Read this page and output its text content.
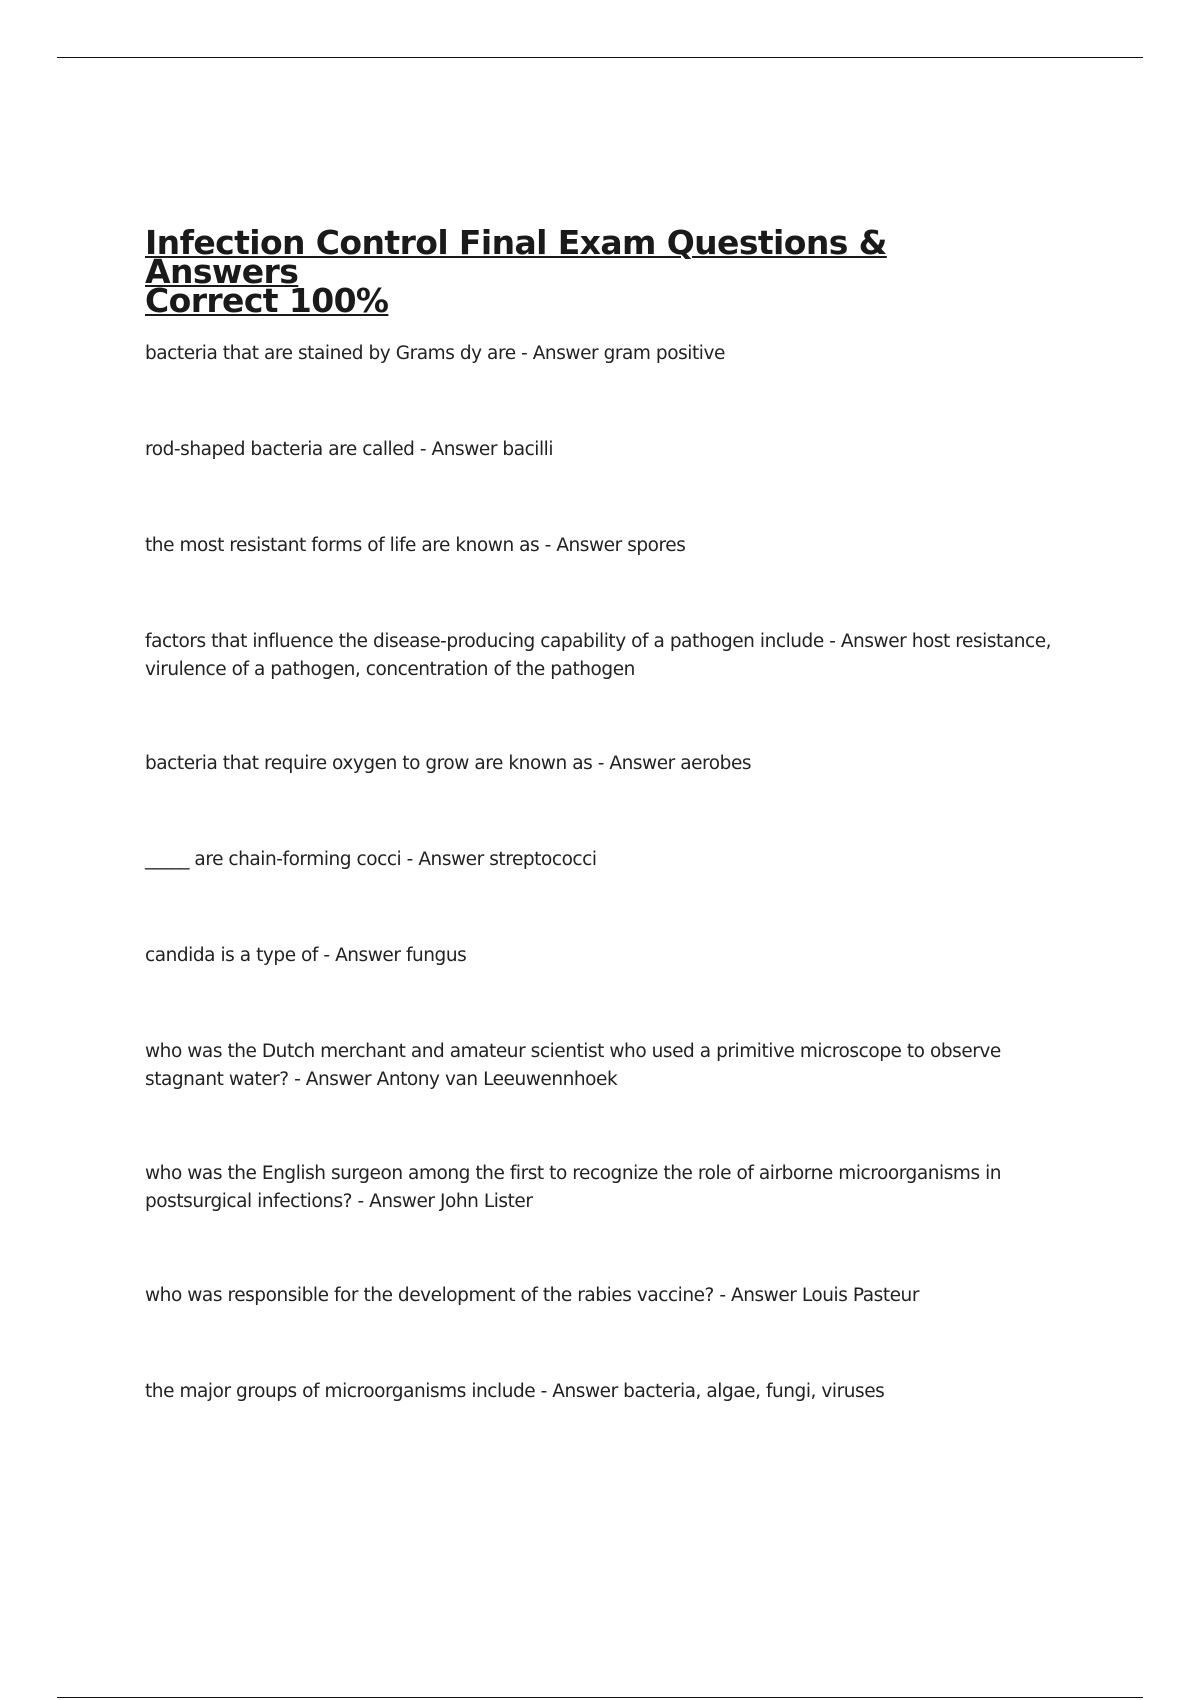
Infection Control Final Exam Questions & Answers
Correct 100%

bacteria that are stained by Grams dy are - Answer gram positive

rod-shaped bacteria are called - Answer bacilli

the most resistant forms of life are known as - Answer spores

factors that influence the disease-producing capability of a pathogen include - Answer host resistance, virulence of a pathogen, concentration of the pathogen

bacteria that require oxygen to grow are known as - Answer aerobes

_____ are chain-forming cocci - Answer streptococci

candida is a type of - Answer fungus

who was the Dutch merchant and amateur scientist who used a primitive microscope to observe stagnant water? - Answer Antony van Leeuwennhoek

who was the English surgeon among the first to recognize the role of airborne microorganisms in postsurgical infections? - Answer John Lister

who was responsible for the development of the rabies vaccine? - Answer Louis Pasteur

the major groups of microorganisms include - Answer bacteria, algae, fungi, viruses
